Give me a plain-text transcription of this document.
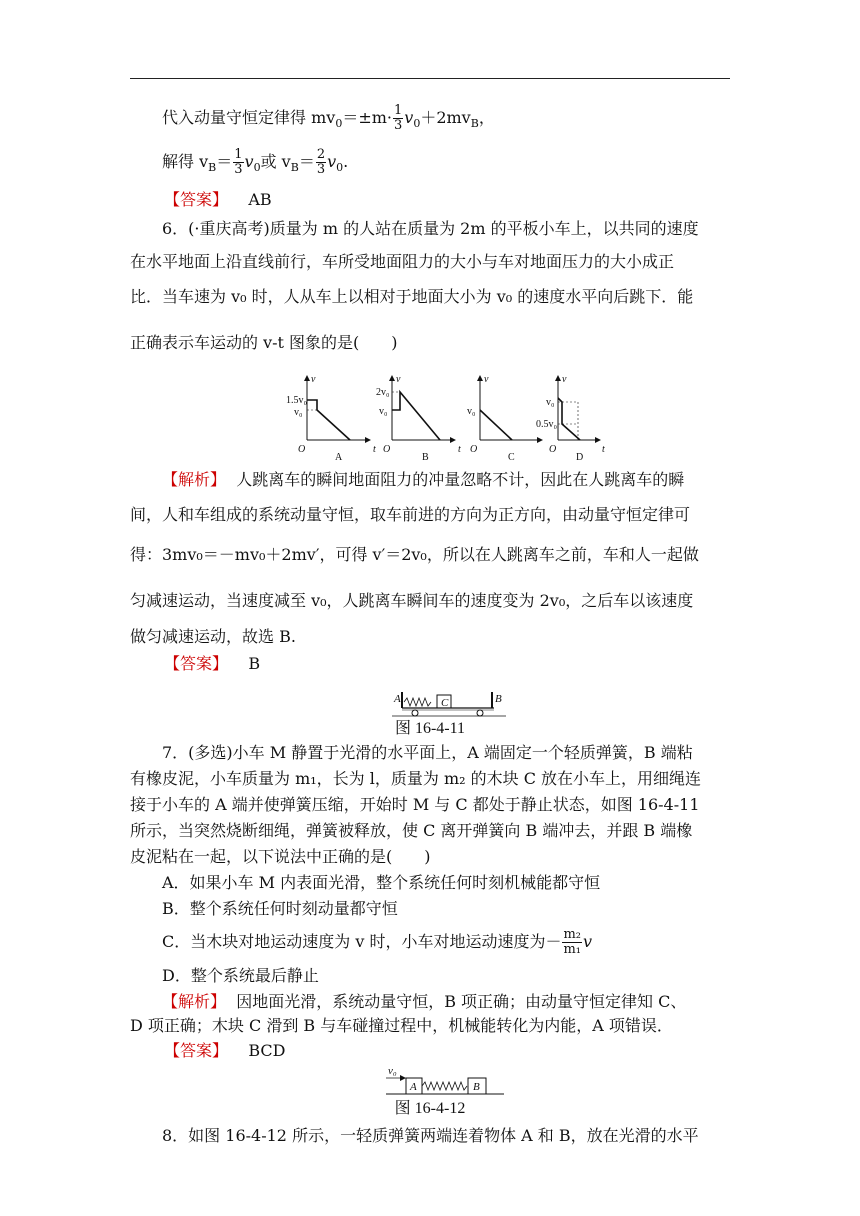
代入动量守恒定律得 $mv_0=\pm m\cdot \frac{1}{3} v_0+2mv_B$，
解得 $v_B= \frac{1}{3} v_0$或 $v_B= \frac{2}{3} v_0$.
【答案】 AB
6．(·重庆高考)质量为 m 的人站在质量为 2m 的平板小车上，以共同的速度
在水平地面上沿直线前行，车所受地面阻力的大小与车对地面压力的大小成正
比．当车速为 v₀ 时，人从车上以相对于地面大小为 v₀ 的速度水平向后跳下．能
正确表示车运动的 v-t 图象的是(　　)
v
1.5v₀
v₀
O	t
A
v
2v₀
v₀
O	t
B
v
v₀
O
C
v
v₀
0.5v₀
O	t
D
【解析】 人跳离车的瞬间地面阻力的冲量忽略不计，因此在人跳离车的瞬
间，人和车组成的系统动量守恒，取车前进的方向为正方向，由动量守恒定律可
得：3mv₀＝－mv₀＋2mv′，可得 v′＝2v₀，所以在人跳离车之前，车和人一起做
匀减速运动，当速度减至 v₀，人跳离车瞬间车的速度变为 2v₀，之后车以该速度
做匀减速运动，故选 B.
【答案】 B
A	C	B
图 16-4-11
7．(多选)小车 M 静置于光滑的水平面上，A 端固定一个轻质弹簧，B 端粘
有橡皮泥，小车质量为 m₁，长为 l，质量为 m₂ 的木块 C 放在小车上，用细绳连
接于小车的 A 端并使弹簧压缩，开始时 M 与 C 都处于静止状态，如图 16-4-11
所示，当突然烧断细绳，弹簧被释放，使 C 离开弹簧向 B 端冲去，并跟 B 端橡
皮泥粘在一起，以下说法中正确的是(　　)
A．如果小车 M 内表面光滑，整个系统任何时刻机械能都守恒
B．整个系统任何时刻动量都守恒
C．当木块对地运动速度为 v 时，小车对地运动速度为－ $\frac{\text{m₂}}{\text{m₁}}$ v
D．整个系统最后静止
【解析】 因地面光滑，系统动量守恒，B 项正确；由动量守恒定律知 C、
D 项正确；木块 C 滑到 B 与车碰撞过程中，机械能转化为内能，A 项错误．
【答案】 BCD
v₀
A	B
图 16-4-12
8．如图 16-4-12 所示，一轻质弹簧两端连着物体 A 和 B，放在光滑的水平
